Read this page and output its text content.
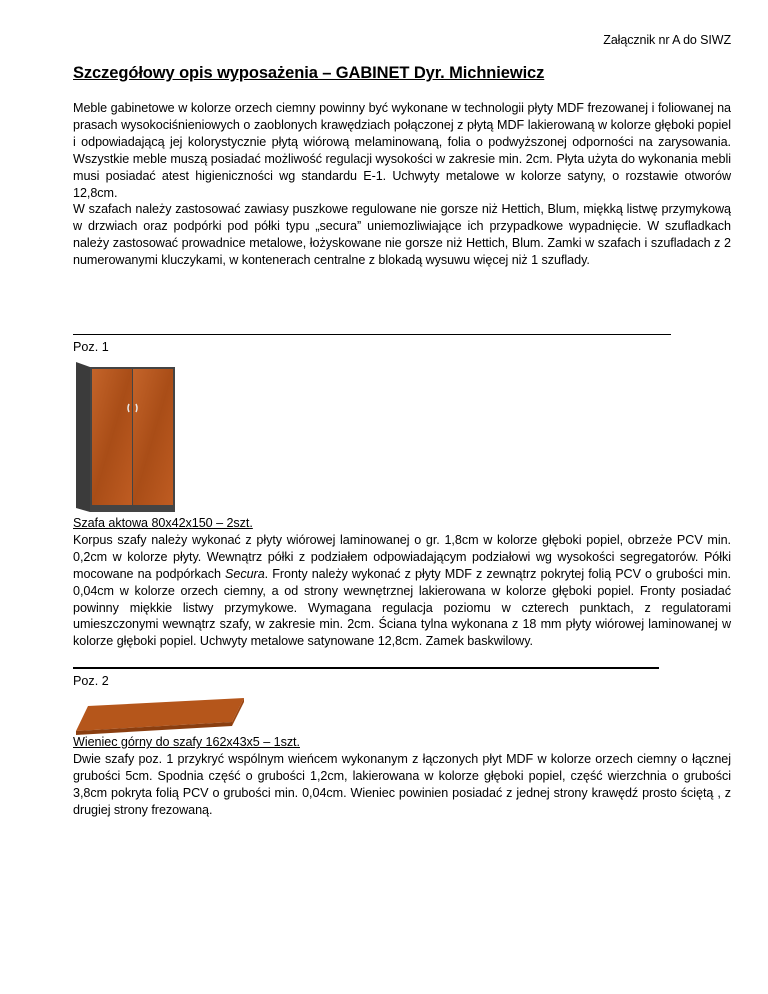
Załącznik nr A do SIWZ
Szczegółowy opis wyposażenia – GABINET Dyr. Michniewicz

Meble gabinetowe w kolorze orzech ciemny powinny być wykonane w technologii płyty MDF frezowanej i foliowanej na prasach wysokociśnieniowych o zaoblonych krawędziach połączonej z płytą MDF lakierowaną w kolorze głęboki popiel i odpowiadającą jej kolorystycznie płytą wiórową melaminowaną, folia o podwyższonej odporności na zarysowania. Wszystkie meble muszą posiadać możliwość regulacji wysokości w zakresie min. 2cm. Płyta użyta do wykonania mebli musi posiadać atest higieniczności wg standardu E-1. Uchwyty metalowe w kolorze satyny, o rozstawie otworów 12,8cm.

W szafach należy zastosować zawiasy puszkowe regulowane nie gorsze niż Hettich, Blum, miękką listwę przymykową w drzwiach oraz podpórki pod półki typu „secura” uniemozliwiające ich przypadkowe wypadnięcie. W szufladkach należy zastosować prowadnice metalowe, łożyskowane nie gorsze niż Hettich, Blum. Zamki w szafach i szufladach z 2 numerowanymi kluczykami, w kontenerach centralne z blokadą wysuwu więcej niż 1 szuflady.

Poz. 1

Szafa aktowa 80x42x150 – 2szt.

Korpus szafy należy wykonać z płyty wiórowej laminowanej o gr. 1,8cm w kolorze głęboki popiel, obrzeże PCV min. 0,2cm w kolorze płyty. Wewnątrz półki z podziałem odpowiadającym podziałowi wg wysokości segregatorów. Półki mocowane na podpórkach Secura. Fronty należy wykonać z płyty MDF z zewnątrz pokrytej folią PCV o grubości min. 0,04cm w kolorze orzech ciemny, a od strony wewnętrznej lakierowana w kolorze głęboki popiel. Fronty posiadać powinny miękkie listwy przymykowe. Wymagana regulacja poziomu w czterech punktach, z regulatorami umieszczonymi wewnątrz szafy, w zakresie min. 2cm. Ściana tylna wykonana z 18 mm płyty wiórowej laminowanej w kolorze głęboki popiel. Uchwyty metalowe satynowane 12,8cm. Zamek baskwilowy.

Poz. 2

Wieniec górny do szafy 162x43x5 – 1szt.

Dwie szafy poz. 1 przykryć wspólnym wieńcem wykonanym z łączonych płyt MDF w kolorze orzech ciemny o łącznej grubości 5cm. Spodnia część o grubości 1,2cm, lakierowana w kolorze głęboki popiel, część wierzchnia o grubości 3,8cm pokryta folią PCV o grubości min. 0,04cm. Wieniec powinien posiadać z jednej strony krawędź prosto ściętą , z drugiej strony frezowaną.
